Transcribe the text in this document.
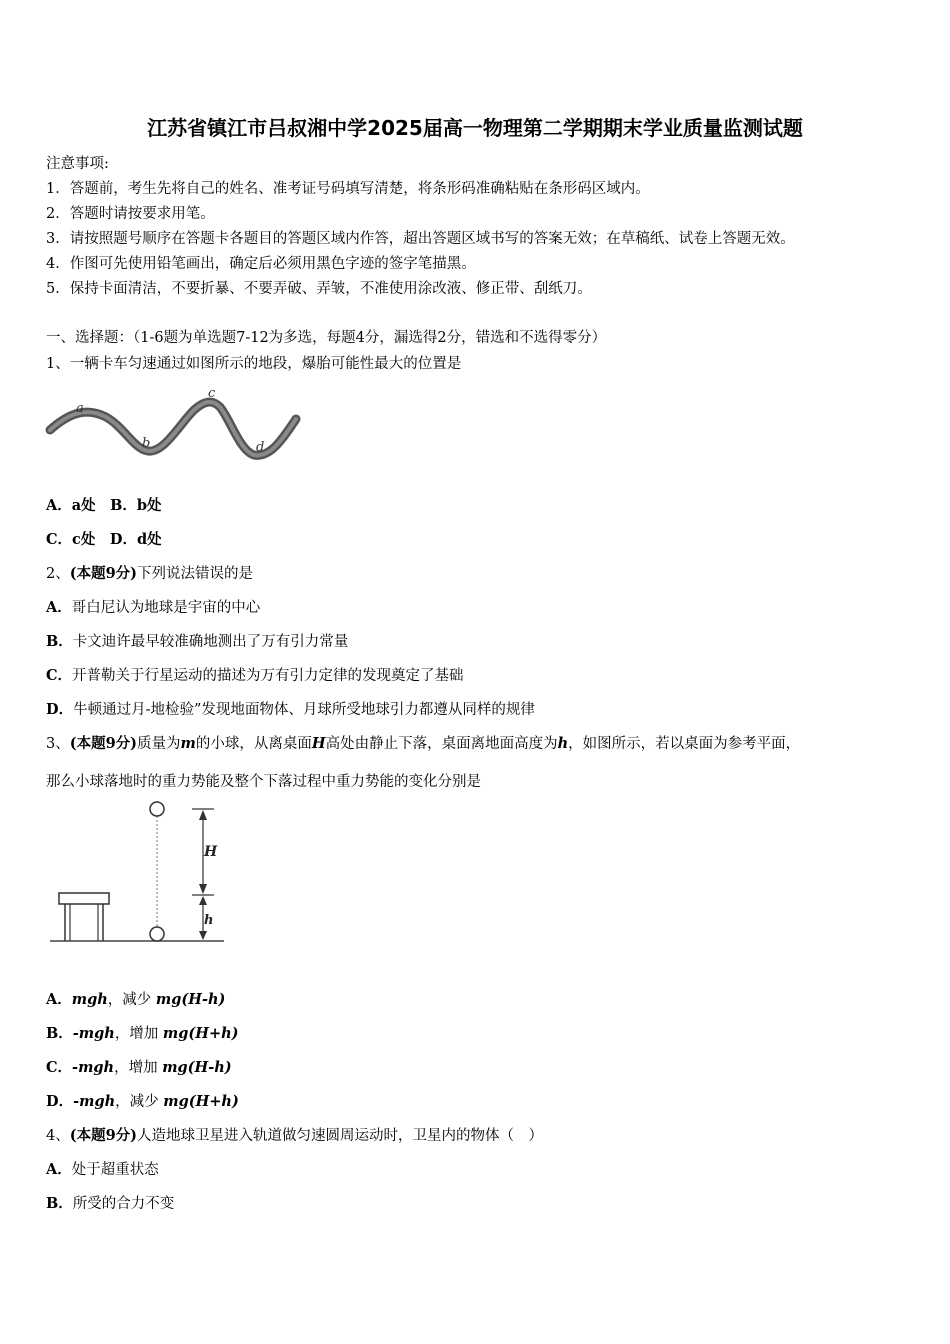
江苏省镇江市吕叔湘中学2025届高一物理第二学期期末学业质量监测试题
注意事项:
1．答题前，考生先将自己的姓名、准考证号码填写清楚，将条形码准确粘贴在条形码区域内。
2．答题时请按要求用笔。
3．请按照题号顺序在答题卡各题目的答题区域内作答，超出答题区域书写的答案无效；在草稿纸、试卷上答题无效。
4．作图可先使用铅笔画出，确定后必须用黑色字迹的签字笔描黑。
5．保持卡面清洁，不要折暴、不要弄破、弄皱，不准使用涂改液、修正带、刮纸刀。
一、选择题：（1-6题为单选题7-12为多选，每题4分，漏选得2分，错选和不选得零分）
1、一辆卡车匀速通过如图所示的地段，爆胎可能性最大的位置是
a
b
c
d
A．a处　B．b处
C．c处　D．d处
2、(本题9分)下列说法错误的是
A．哥白尼认为地球是宇宙的中心
B．卡文迪许最早较准确地测出了万有引力常量
C．开普勒关于行星运动的描述为万有引力定律的发现奠定了基础
D．牛顿通过月-地检验”发现地面物体、月球所受地球引力都遵从同样的规律
3、(本题9分)质量为m的小球，从离桌面H高处由静止下落，桌面离地面高度为h，如图所示，若以桌面为参考平面，
那么小球落地时的重力势能及整个下落过程中重力势能的变化分别是
H
h
A．mgh，减少 mg(H-h)
B．-mgh，增加 mg(H+h)
C．-mgh，增加 mg(H-h)
D．-mgh，减少 mg(H+h)
4、(本题9分)人造地球卫星进入轨道做匀速圆周运动时，卫星内的物体（　）
A．处于超重状态
B．所受的合力不变
